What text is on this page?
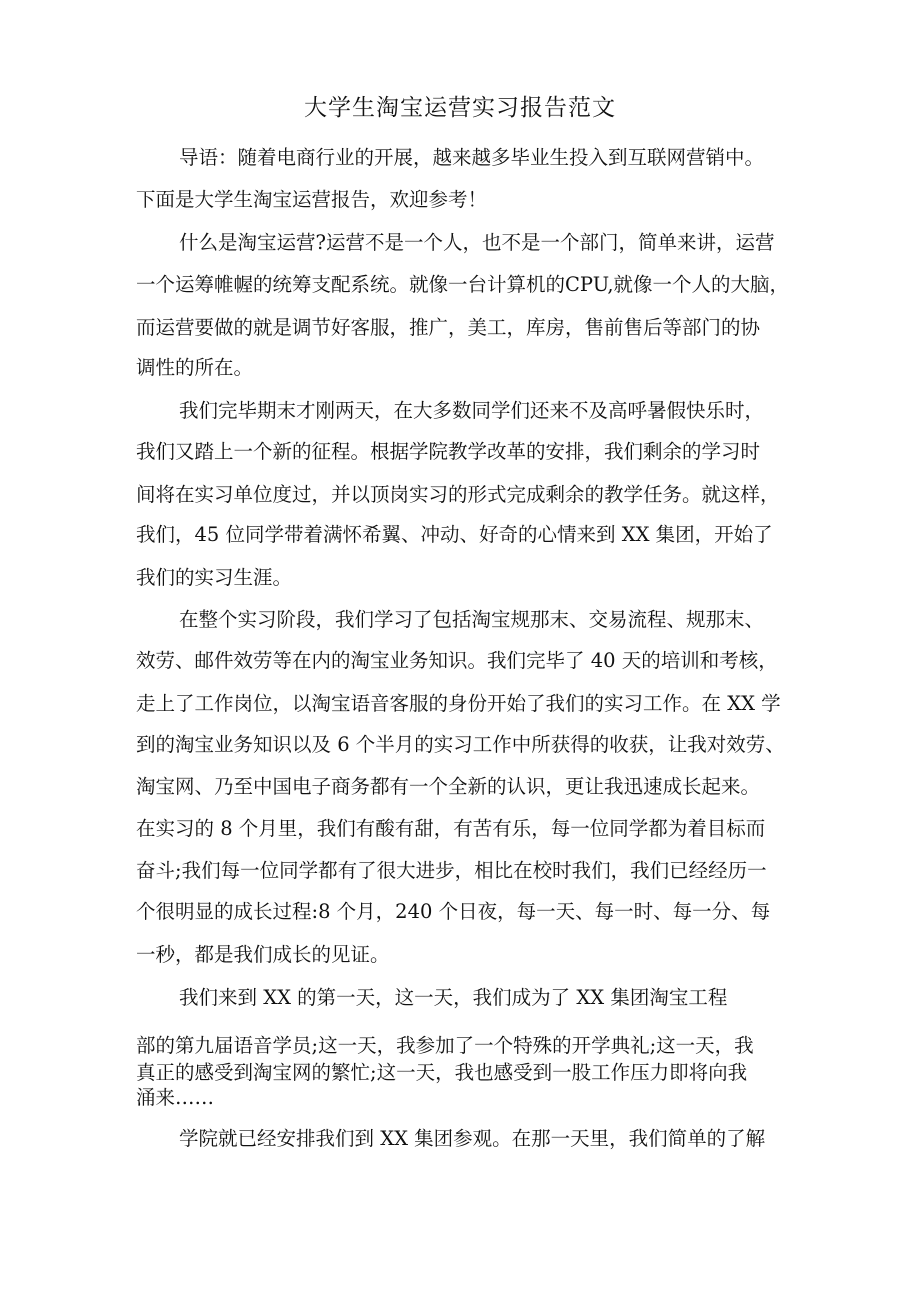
大学生淘宝运营实习报告范文
导语：随着电商行业的开展，越来越多毕业生投入到互联网营销中。
下面是大学生淘宝运营报告，欢迎参考！
什么是淘宝运营?运营不是一个人，也不是一个部门，简单来讲，运营
一个运筹帷幄的统筹支配系统。就像一台计算机的CPU,就像一个人的大脑，
而运营要做的就是调节好客服，推广，美工，库房，售前售后等部门的协
调性的所在。
我们完毕期末才刚两天，在大多数同学们还来不及高呼暑假快乐时，
我们又踏上一个新的征程。根据学院教学改革的安排，我们剩余的学习时
间将在实习单位度过，并以顶岗实习的形式完成剩余的教学任务。就这样，
我们，45 位同学带着满怀希翼、冲动、好奇的心情来到 XX 集团，开始了
我们的实习生涯。
在整个实习阶段，我们学习了包括淘宝规那末、交易流程、规那末、
效劳、邮件效劳等在内的淘宝业务知识。我们完毕了 40 天的培训和考核，
走上了工作岗位，以淘宝语音客服的身份开始了我们的实习工作。在 XX 学
到的淘宝业务知识以及 6 个半月的实习工作中所获得的收获，让我对效劳、
淘宝网、乃至中国电子商务都有一个全新的认识，更让我迅速成长起来。
在实习的 8 个月里，我们有酸有甜，有苦有乐，每一位同学都为着目标而
奋斗;我们每一位同学都有了很大进步，相比在校时我们，我们已经经历一
个很明显的成长过程:8 个月，240 个日夜，每一天、每一时、每一分、每
一秒，都是我们成长的见证。
我们来到 XX 的第一天，这一天，我们成为了 XX 集团淘宝工程
部的第九届语音学员;这一天，我参加了一个特殊的开学典礼;这一天，我
真正的感受到淘宝网的繁忙;这一天，我也感受到一股工作压力即将向我
涌来……
学院就已经安排我们到 XX 集团参观。在那一天里，我们简单的了解
